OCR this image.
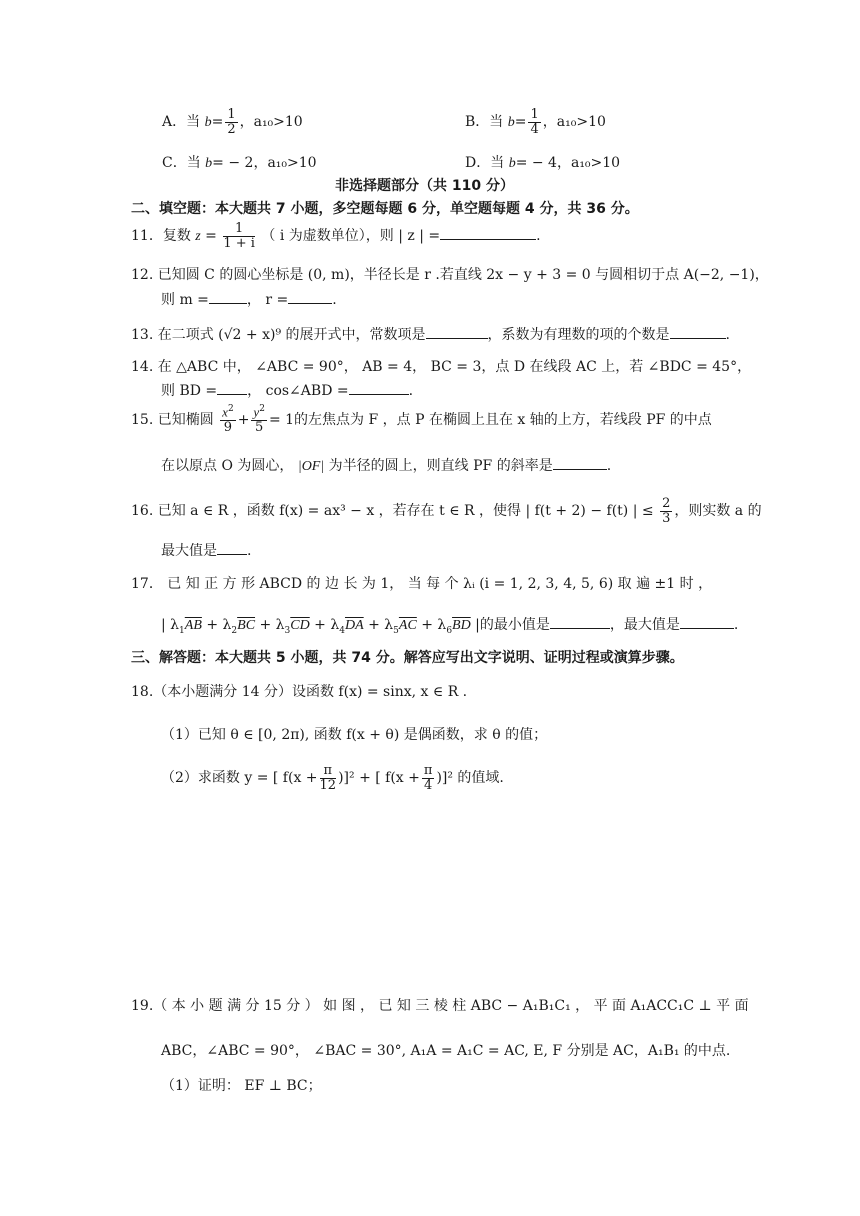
A．当 $b= \frac{1}{2}$ ，a₁₀>10	B．当 $b= \frac{1}{4}$ ，a₁₀>10
C．当 b= − 2，a₁₀>10	D．当 b= − 4，a₁₀>10
非选择题部分（共 110 分）
二、填空题：本大题共 7 小题，多空题每题 6 分，单空题每题 4 分，共 36 分。
11．复数 $z = \frac{1}{1 + i}$ （ i 为虚数单位），则 | z | =	.
12. 已知圆 C 的圆心坐标是 (0, m)，半径长是 r .若直线 2x − y + 3 = 0 与圆相切于点 A(−2, −1)，
则 m =	， r =	.
13. 在二项式 (√2 + x)⁹ 的展开式中，常数项是	，系数为有理数的项的个数是	.
14. 在 △ABC 中， ∠ABC = 90°， AB = 4， BC = 3，点 D 在线段 AC 上，若 ∠BDC = 45°，
则 BD = ， cos∠ABD =	.
15. 已知椭圆 $\frac{x^2}{9} + \frac{y^2}{5} = 1$的左焦点为 F ，点 P 在椭圆上且在 x 轴的上方，若线段 PF 的中点
在以原点 O 为圆心， |OF| 为半径的圆上，则直线 PF 的斜率是	.
16. 已知 a ∈ R ，函数 f(x) = ax³ − x ，若存在 t ∈ R ，使得 | f(t + 2) − f(t) | ≤ $\frac{2}{3}$ ，则实数 a 的
最大值是 .
17． 已 知 正 方 形 ABCD 的 边 长 为 1， 当 每 个 λᵢ (i = 1, 2, 3, 4, 5, 6) 取 遍 ±1 时 ，
| $\lambda_1\overline{AB} + \lambda_2\overline{BC} + \lambda_3\overline{CD} + \lambda_4\overline{DA} + \lambda_5\overline{AC} + \lambda_6\overline{BD}$ |的最小值是	，最大值是	.
三、解答题：本大题共 5 小题，共 74 分。解答应写出文字说明、证明过程或演算步骤。
18.（本小题满分 14 分）设函数 f(x) = sinx, x ∈ R .
（1）已知 θ ∈ [0, 2π), 函数 f(x + θ) 是偶函数，求 θ 的值；
（2）求函数 y = [ $f(x + \frac{\pi}{12} )]^2$ + [ $f(x + \frac{\pi}{4} )]^2$ 的值域.
19.（ 本 小 题 满 分 15 分 ） 如 图 ， 已 知 三 棱 柱 ABC − A₁B₁C₁ ， 平 面 A₁ACC₁C ⊥ 平 面
ABC，∠ABC = 90°， ∠BAC = 30°, A₁A = A₁C = AC, E, F 分别是 AC，A₁B₁ 的中点.
（1）证明： EF ⊥ BC；
